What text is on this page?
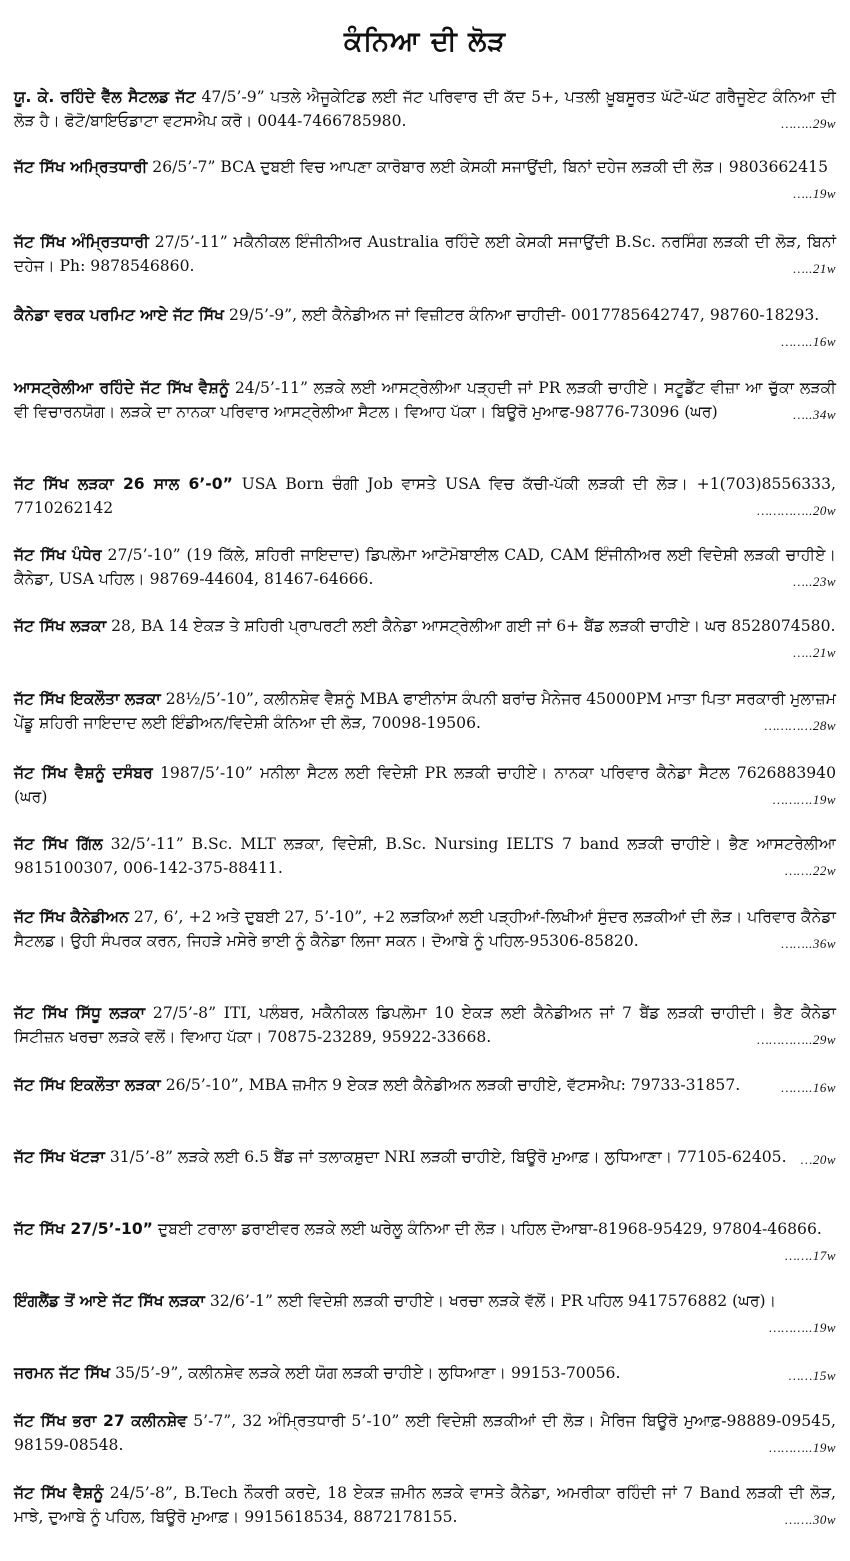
ਕੰਨਿਆ ਦੀ ਲੋੜ
ਯੂ. ਕੇ. ਰਹਿੰਦੇ ਵੈੱਲ ਸੈਟਲਡ ਜੱਟ 47/5’-9” ਪਤਲੇ ਐਜੂਕੇਟਿਡ ਲਈ ਜੱਟ ਪਰਿਵਾਰ ਦੀ ਕੱਦ 5+, ਪਤਲੀ ਖ਼ੂਬਸੂਰਤ ਘੱਟੋ-ਘੱਟ ਗਰੈਜੂਏਟ ਕੰਨਿਆ ਦੀ ਲੋੜ ਹੈ। ਫੋਟੋ/ਬਾਇਓਡਾਟਾ ਵਟਸਐਪ ਕਰੋ। 0044-7466785980.	……..29w
ਜੱਟ ਸਿੱਖ ਅਮ੍ਰਿਤਧਾਰੀ 26/5’-7” BCA ਦੁਬਈ ਵਿਚ ਆਪਣਾ ਕਾਰੋਬਾਰ ਲਈ ਕੇਸਕੀ ਸਜਾਉਂਦੀ, ਬਿਨਾਂ ਦਹੇਜ ਲੜਕੀ ਦੀ ਲੋੜ। 9803662415
…..19w
ਜੱਟ ਸਿੱਖ ਅੰਮ੍ਰਿਤਧਾਰੀ 27/5’-11” ਮਕੈਨੀਕਲ ਇੰਜੀਨੀਅਰ Australia ਰਹਿੰਦੇ ਲਈ ਕੇਸਕੀ ਸਜਾਉਂਦੀ B.Sc. ਨਰਸਿੰਗ ਲੜਕੀ ਦੀ ਲੋੜ, ਬਿਨਾਂ ਦਹੇਜ। Ph: 9878546860.	…..21w
ਕੈਨੇਡਾ ਵਰਕ ਪਰਮਿਟ ਆਏ ਜੱਟ ਸਿੱਖ 29/5’-9”, ਲਈ ਕੈਨੇਡੀਅਨ ਜਾਂ ਵਿਜ਼ੀਟਰ ਕੰਨਿਆ ਚਾਹੀਦੀ- 0017785642747, 98760-18293.
……..16w
ਆਸਟ੍ਰੇਲੀਆ ਰਹਿੰਦੇ ਜੱਟ ਸਿੱਖ ਵੈਸ਼ਨੂੰ 24/5’-11” ਲੜਕੇ ਲਈ ਆਸਟ੍ਰੇਲੀਆ ਪੜ੍ਹਦੀ ਜਾਂ PR ਲੜਕੀ ਚਾਹੀਏ। ਸਟੂਡੈਂਟ ਵੀਜ਼ਾ ਆ ਚੁੱਕਾ ਲੜਕੀ ਵੀ ਵਿਚਾਰਨਯੋਗ। ਲੜਕੇ ਦਾ ਨਾਨਕਾ ਪਰਿਵਾਰ ਆਸਟ੍ਰੇਲੀਆ ਸੈਟਲ। ਵਿਆਹ ਪੱਕਾ। ਬਿਊਰੋ ਮੁਆਫ-98776-73096 (ਘਰ)	…..34w
ਜੱਟ ਸਿੱਖ ਲੜਕਾ 26 ਸਾਲ 6’-0” USA Born ਚੰਗੀ Job ਵਾਸਤੇ USA ਵਿਚ ਕੱਚੀ-ਪੱਕੀ ਲੜਕੀ ਦੀ ਲੋੜ। +1(703)8556333, 7710262142	…………..20w
ਜੱਟ ਸਿੱਖ ਪੰਧੇਰ 27/5’-10” (19 ਕਿੱਲੇ, ਸ਼ਹਿਰੀ ਜਾਇਦਾਦ) ਡਿਪਲੋਮਾ ਆਟੋਮੋਬਾਈਲ CAD, CAM ਇੰਜੀਨੀਅਰ ਲਈ ਵਿਦੇਸ਼ੀ ਲੜਕੀ ਚਾਹੀਏ। ਕੈਨੇਡਾ, USA ਪਹਿਲ। 98769-44604, 81467-64666.	…..23w
ਜੱਟ ਸਿੱਖ ਲੜਕਾ 28, BA 14 ਏਕੜ ਤੇ ਸ਼ਹਿਰੀ ਪ੍ਰਾਪਰਟੀ ਲਈ ਕੈਨੇਡਾ ਆਸਟ੍ਰੇਲੀਆ ਗਈ ਜਾਂ 6+ ਬੈਂਡ ਲੜਕੀ ਚਾਹੀਏ। ਘਰ 8528074580.
…..21w
ਜੱਟ ਸਿੱਖ ਇਕਲੌਤਾ ਲੜਕਾ 28½/5’-10”, ਕਲੀਨਸ਼ੇਵ ਵੈਸ਼ਨੂੰ MBA ਫਾਈਨਾਂਸ ਕੰਪਨੀ ਬਰਾਂਚ ਮੈਨੇਜਰ 45000PM ਮਾਤਾ ਪਿਤਾ ਸਰਕਾਰੀ ਮੁਲਾਜ਼ਮ ਪੇਂਡੂ ਸ਼ਹਿਰੀ ਜਾਇਦਾਦ ਲਈ ਇੰਡੀਅਨ/ਵਿਦੇਸ਼ੀ ਕੰਨਿਆ ਦੀ ਲੋੜ, 70098-19506.	…………28w
ਜੱਟ ਸਿੱਖ ਵੈਸ਼ਨੂੰ ਦਸੰਬਰ 1987/5’-10” ਮਨੀਲਾ ਸੈਟਲ ਲਈ ਵਿਦੇਸ਼ੀ PR ਲੜਕੀ ਚਾਹੀਏ। ਨਾਨਕਾ ਪਰਿਵਾਰ ਕੈਨੇਡਾ ਸੈਟਲ 7626883940 (ਘਰ)	……….19w
ਜੱਟ ਸਿੱਖ ਗਿੱਲ 32/5’-11” B.Sc. MLT ਲੜਕਾ, ਵਿਦੇਸ਼ੀ, B.Sc. Nursing IELTS 7 band ਲੜਕੀ ਚਾਹੀਏ। ਭੈਣ ਆਸਟਰੇਲੀਆ 9815100307, 006-142-375-88411.	…….22w
ਜੱਟ ਸਿੱਖ ਕੈਨੇਡੀਅਨ 27, 6’, +2 ਅਤੇ ਦੁਬਈ 27, 5’-10”, +2 ਲੜਕਿਆਂ ਲਈ ਪੜ੍ਹੀਆਂ-ਲਿਖੀਆਂ ਸੁੰਦਰ ਲੜਕੀਆਂ ਦੀ ਲੋੜ। ਪਰਿਵਾਰ ਕੈਨੇਡਾ ਸੈਟਲਡ। ਉਹੀ ਸੰਪਰਕ ਕਰਨ, ਜਿਹੜੇ ਮਸੇਰੇ ਭਾਈ ਨੂੰ ਕੈਨੇਡਾ ਲਿਜਾ ਸਕਨ। ਦੋਆਬੇ ਨੂੰ ਪਹਿਲ-95306-85820.	……..36w
ਜੱਟ ਸਿੱਖ ਸਿੱਧੂ ਲੜਕਾ 27/5’-8” ITI, ਪਲੰਬਰ, ਮਕੈਨੀਕਲ ਡਿਪਲੋਮਾ 10 ਏਕੜ ਲਈ ਕੈਨੇਡੀਅਨ ਜਾਂ 7 ਬੈਂਡ ਲੜਕੀ ਚਾਹੀਦੀ। ਭੈਣ ਕੈਨੇਡਾ ਸਿਟੀਜ਼ਨ ਖਰਚਾ ਲੜਕੇ ਵਲੋਂ। ਵਿਆਹ ਪੱਕਾ। 70875-23289, 95922-33668.	…………..29w
ਜੱਟ ਸਿੱਖ ਇਕਲੌਤਾ ਲੜਕਾ 26/5’-10”, MBA ਜ਼ਮੀਨ 9 ਏਕੜ ਲਈ ਕੈਨੇਡੀਅਨ ਲੜਕੀ ਚਾਹੀਏ, ਵੱਟਸਐਪ: 79733-31857.	……..16w
ਜੱਟ ਸਿੱਖ ਖੱਟੜਾ 31/5’-8” ਲੜਕੇ ਲਈ 6.5 ਬੈਂਡ ਜਾਂ ਤਲਾਕਸ਼ੁਦਾ NRI ਲੜਕੀ ਚਾਹੀਏ, ਬਿਊਰੋ ਮੁਆਫ਼। ਲੁਧਿਆਣਾ। 77105-62405. …20w
ਜੱਟ ਸਿੱਖ 27/5’-10” ਦੁਬਈ ਟਰਾਲਾ ਡਰਾਈਵਰ ਲੜਕੇ ਲਈ ਘਰੇਲੂ ਕੰਨਿਆ ਦੀ ਲੋੜ। ਪਹਿਲ ਦੋਆਬਾ-81968-95429, 97804-46866.
…….17w
ਇੰਗਲੈਂਡ ਤੋਂ ਆਏ ਜੱਟ ਸਿੱਖ ਲੜਕਾ 32/6’-1” ਲਈ ਵਿਦੇਸ਼ੀ ਲੜਕੀ ਚਾਹੀਏ। ਖਰਚਾ ਲੜਕੇ ਵੱਲੋਂ। PR ਪਹਿਲ 9417576882 (ਘਰ)।
………..19w
ਜਰਮਨ ਜੱਟ ਸਿੱਖ 35/5’-9”, ਕਲੀਨਸ਼ੇਵ ਲੜਕੇ ਲਈ ਯੋਗ ਲੜਕੀ ਚਾਹੀਏ। ਲੁਧਿਆਣਾ। 99153-70056.	……15w
ਜੱਟ ਸਿੱਖ ਭਰਾ 27 ਕਲੀਨਸ਼ੇਵ 5’-7”, 32 ਅੰਮ੍ਰਿਤਧਾਰੀ 5’-10” ਲਈ ਵਿਦੇਸ਼ੀ ਲੜਕੀਆਂ ਦੀ ਲੋੜ। ਮੈਰਿਜ ਬਿਊਰੋ ਮੁਆਫ਼-98889-09545, 98159-08548.	………..19w
ਜੱਟ ਸਿੱਖ ਵੈਸ਼ਨੂੰ 24/5’-8”, B.Tech ਨੌਕਰੀ ਕਰਦੇ, 18 ਏਕੜ ਜ਼ਮੀਨ ਲੜਕੇ ਵਾਸਤੇ ਕੈਨੇਡਾ, ਅਮਰੀਕਾ ਰਹਿੰਦੀ ਜਾਂ 7 Band ਲੜਕੀ ਦੀ ਲੋੜ, ਮਾਝੇ, ਦੁਆਬੇ ਨੂੰ ਪਹਿਲ, ਬਿਊਰੋ ਮੁਆਫ਼। 9915618534, 8872178155.	…….30w
